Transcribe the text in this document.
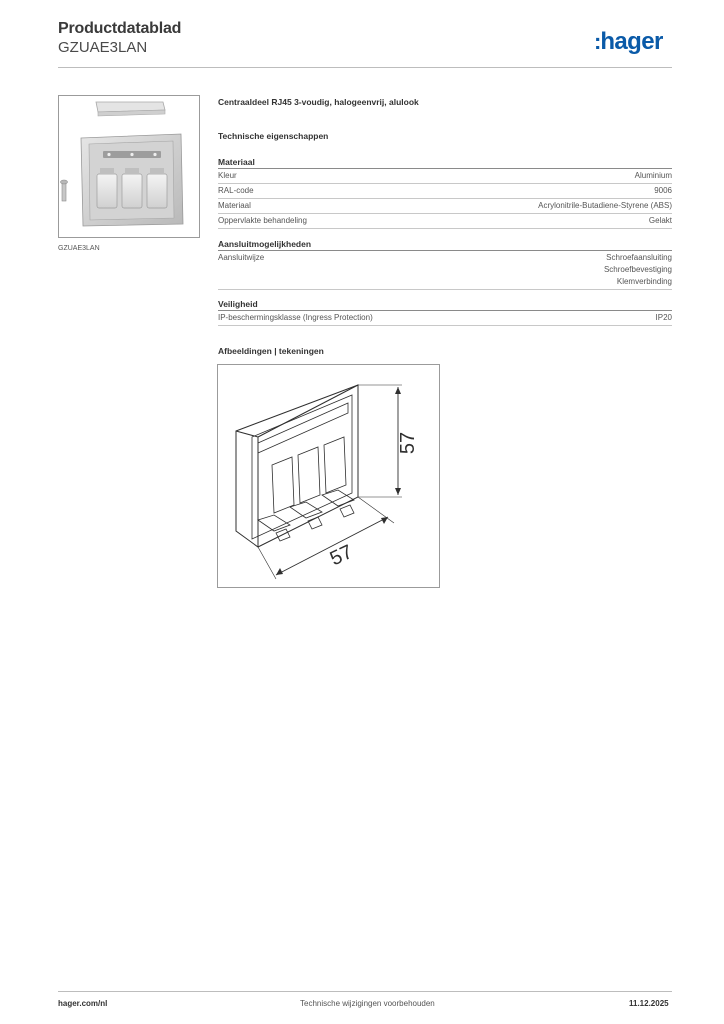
Productdatablad
GZUAE3LAN	:hager
GZUAE3LAN
Centraaldeel RJ45 3-voudig, halogeenvrij, alulook
Technische eigenschappen
Materiaal
Kleur	Aluminium
RAL-code	9006
Materiaal	Acrylonitrile-Butadiene-Styrene (ABS)
Oppervlakte behandeling	Gelakt
Aansluitmogelijkheden
Aansluitwijze	Schroefaansluiting
Schroefbevestiging
Klemverbinding
Veiligheid
IP-beschermingsklasse (Ingress Protection)	IP20
Afbeeldingen | tekeningen
57
57
hager.com/nl	Technische wijzigingen voorbehouden	11.12.2025
